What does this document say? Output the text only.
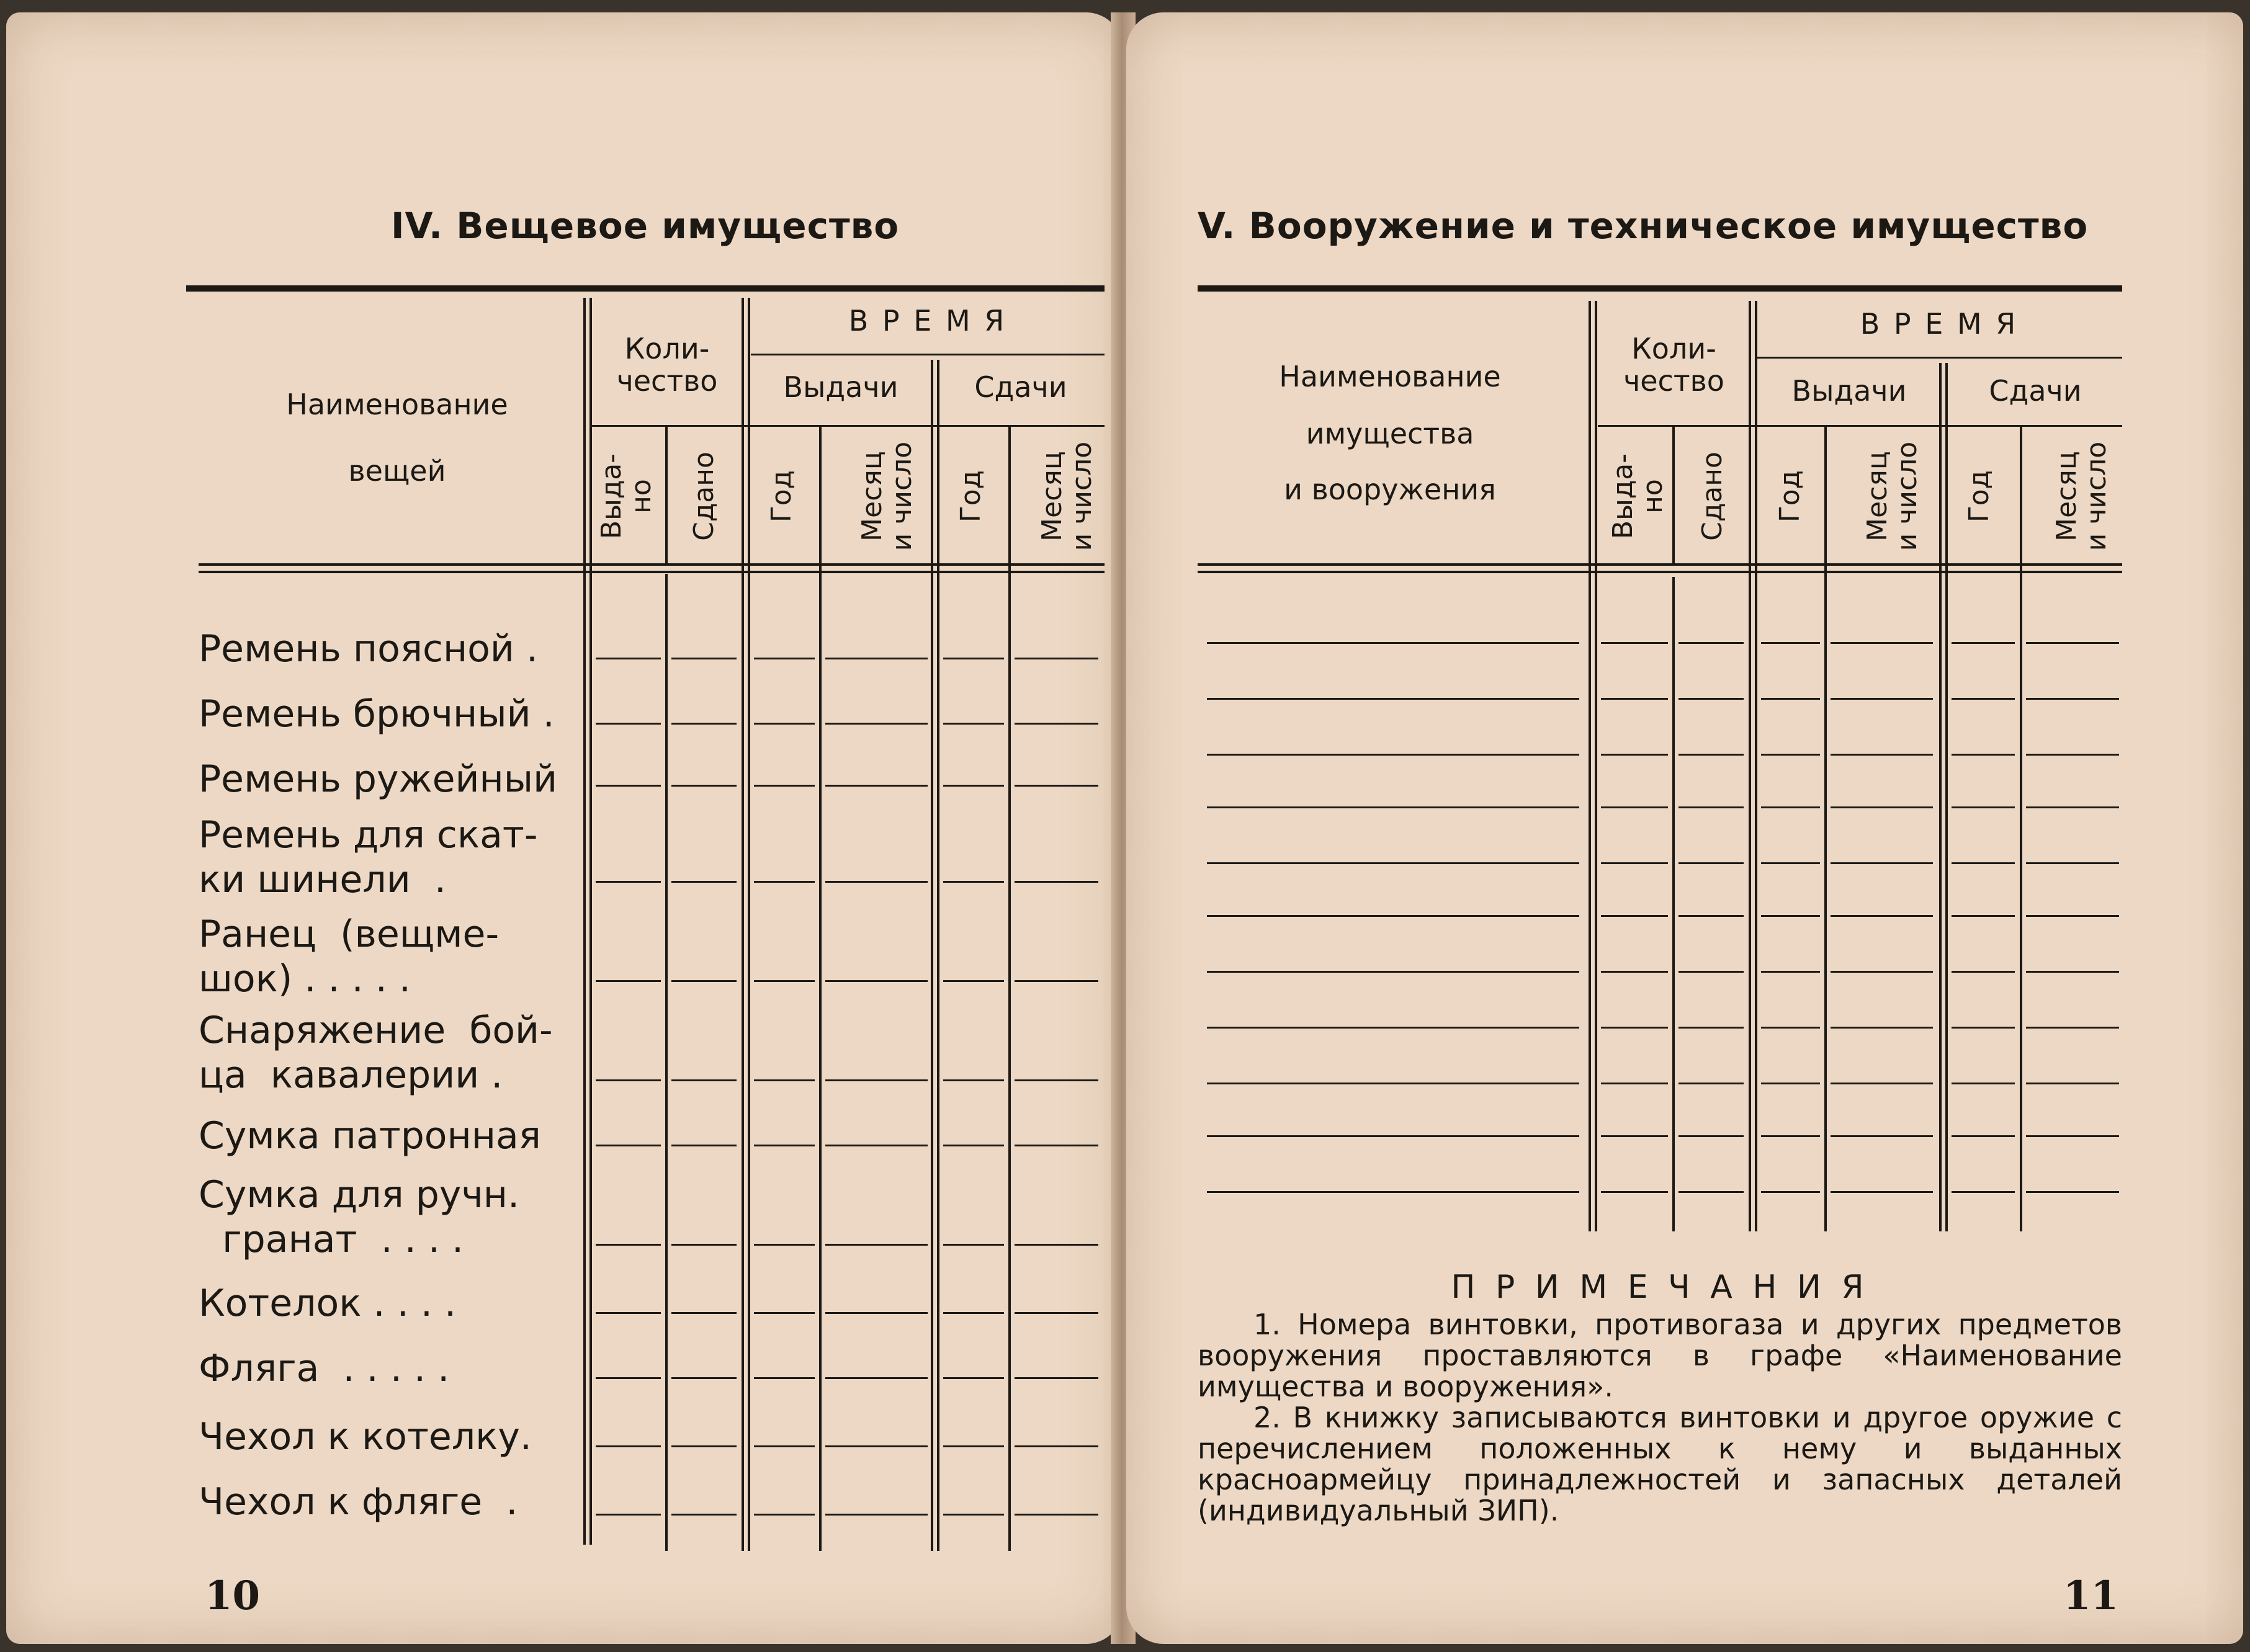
IV. Вещевое имущество
Наименование
вещей
Коли-
чество
В Р Е М Я
Выдачи	Сдачи
Выда-
но Сдано Год Месяц
и число Год Месяц
и число
Ремень поясной .
Ремень брючный .
Ремень ружейный
Ремень для скат-
ки шинели  .
Ранец  (вещме-
шок) . . . . .
Снаряжение  бой-
ца  кавалерии .
Сумка патронная
Сумка для ручн.
гранат  . . . .
Котелок . . . .
Фляга  . . . . .
Чехол к котелку.
Чехол к фляге  .
10
V. Вооружение и техническое имущество
Наименование
имущества
и вооружения
Коли-
чество
В Р Е М Я
Выдачи	Сдачи
Выда-
но Сдано Год Месяц
и число Год Месяц
и число
П Р И М Е Ч А Н И Я

1. Номера винтовки, противогаза и других предметов вооружения проставляются в графе «Наименование имущества и вооружения».

2. В книжку записываются винтовки и другое оружие с перечислением положенных к нему и выданных красноармейцу принадлежностей и запасных деталей (индивидуальный ЗИП).

11
